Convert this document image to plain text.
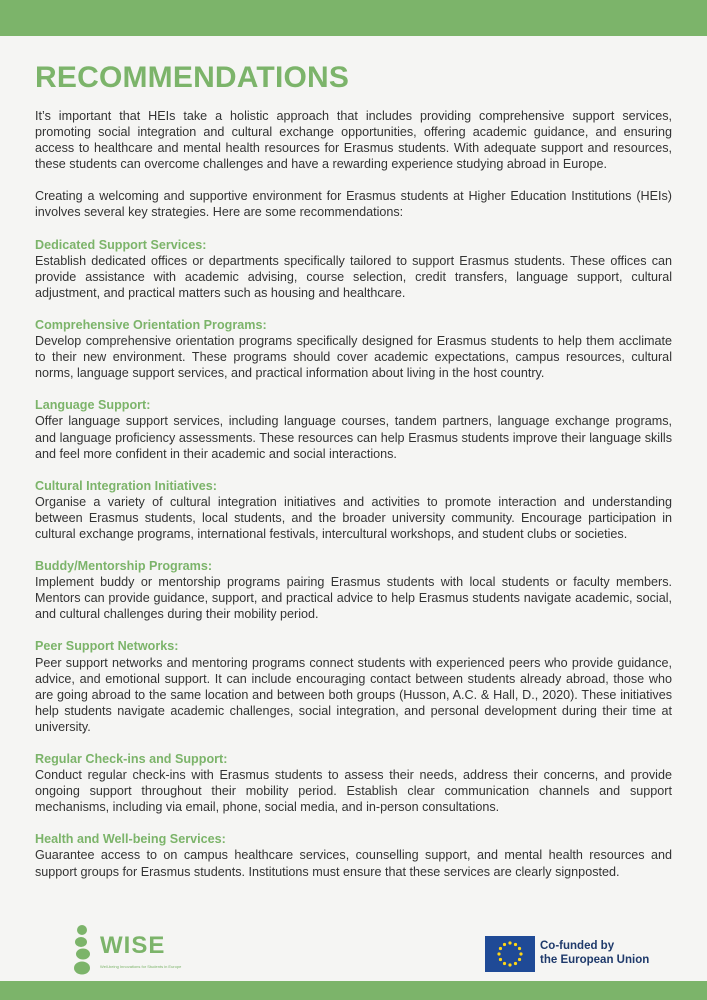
RECOMMENDATIONS

It’s important that HEIs take a holistic approach that includes providing comprehensive support services, promoting social integration and cultural exchange opportunities, offering academic guidance, and ensuring access to healthcare and mental health resources for Erasmus students. With adequate support and resources, these students can overcome challenges and have a rewarding experience studying abroad in Europe.

Creating a welcoming and supportive environment for Erasmus students at Higher Education Institutions (HEIs) involves several key strategies. Here are some recommendations:

Dedicated Support Services:

Establish dedicated offices or departments specifically tailored to support Erasmus students. These offices can provide assistance with academic advising, course selection, credit transfers, language support, cultural adjustment, and practical matters such as housing and healthcare.

Comprehensive Orientation Programs:

Develop comprehensive orientation programs specifically designed for Erasmus students to help them acclimate to their new environment. These programs should cover academic expectations, campus resources, cultural norms, language support services, and practical information about living in the host country.

Language Support:

Offer language support services, including language courses, tandem partners, language exchange programs, and language proficiency assessments. These resources can help Erasmus students improve their language skills and feel more confident in their academic and social interactions.

Cultural Integration Initiatives:

Organise a variety of cultural integration initiatives and activities to promote interaction and understanding between Erasmus students, local students, and the broader university community. Encourage participation in cultural exchange programs, international festivals, intercultural workshops, and student clubs or societies.

Buddy/Mentorship Programs:

Implement buddy or mentorship programs pairing Erasmus students with local students or faculty members. Mentors can provide guidance, support, and practical advice to help Erasmus students navigate academic, social, and cultural challenges during their mobility period.

Peer Support Networks:

Peer support networks and mentoring programs connect students with experienced peers who provide guidance, advice, and emotional support. It can include encouraging contact between students already abroad, those who are going abroad to the same location and between both groups (Husson, A.C. & Hall, D., 2020). These initiatives help students navigate academic challenges, social integration, and personal development during their time at university.

Regular Check-ins and Support:

Conduct regular check-ins with Erasmus students to assess their needs, address their concerns, and provide ongoing support throughout their mobility period. Establish clear communication channels and support mechanisms, including via email, phone, social media, and in-person consultations.

Health and Well-being Services:

Guarantee access to on campus healthcare services, counselling support, and mental health resources and support groups for Erasmus students. Institutions must ensure that these services are clearly signposted.

WISE
Well-being Innovations for Students in Europe
Co-funded by
the European Union
